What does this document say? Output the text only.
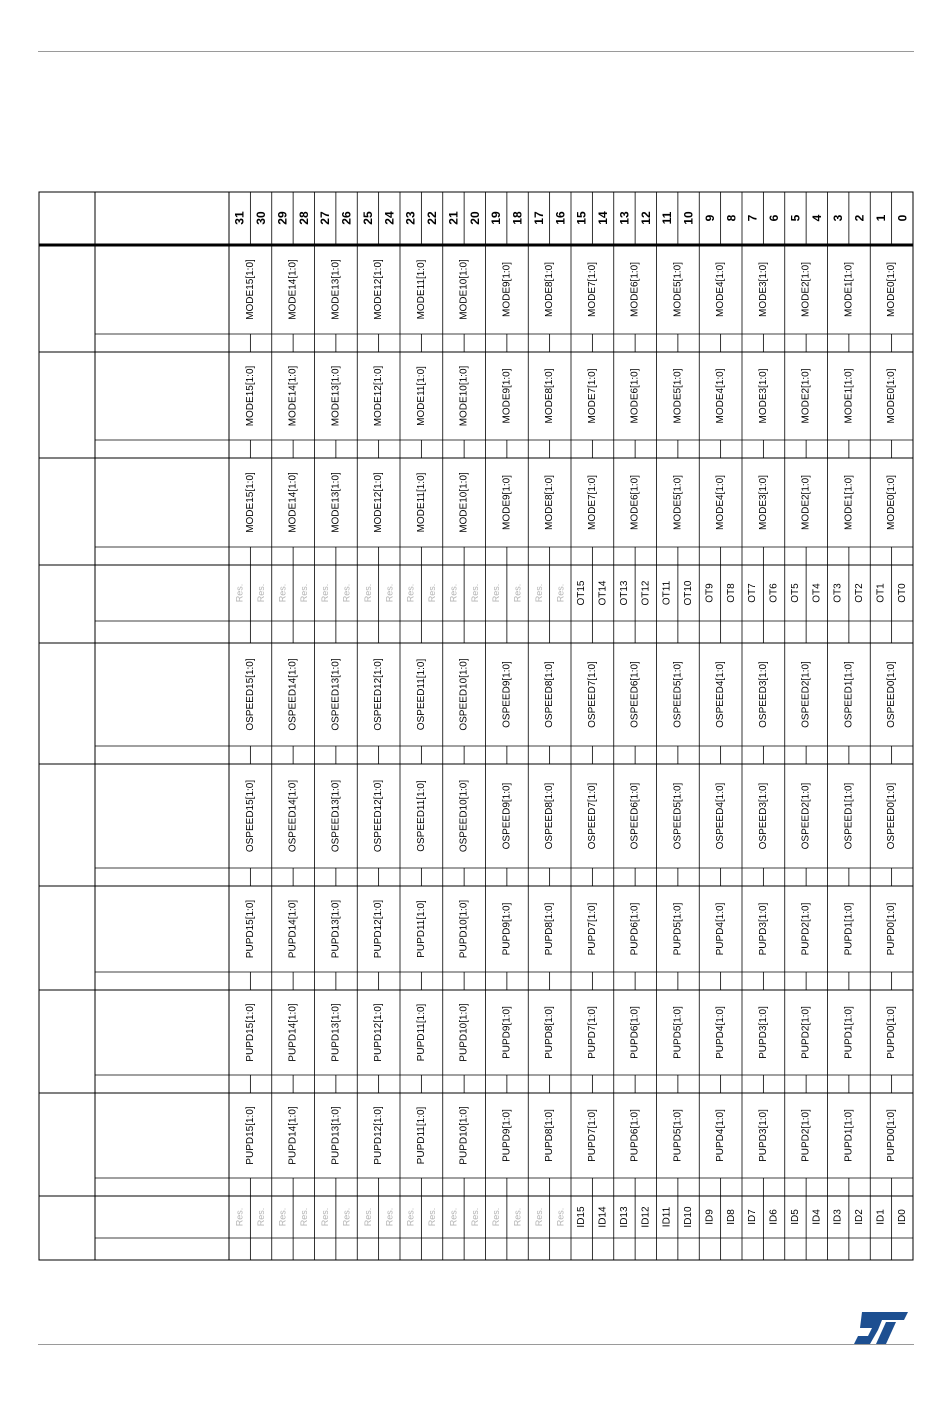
31 30 29 28 27 26 25 24 23 22 21 20 19 18 17 16 15 14 13 12 11 10 9 8 7 6 5 4 3 2 1 0
MODE15[1:0]	MODE14[1:0]	MODE13[1:0]	MODE12[1:0]	MODE11[1:0]	MODE10[1:0]	MODE9[1:0]	MODE8[1:0]	MODE7[1:0]	MODE6[1:0]	MODE5[1:0]	MODE4[1:0]	MODE3[1:0]	MODE2[1:0]	MODE1[1:0]	MODE0[1:0]
MODE15[1:0]	MODE14[1:0]	MODE13[1:0]	MODE12[1:0]	MODE11[1:0]	MODE10[1:0]	MODE9[1:0]	MODE8[1:0]	MODE7[1:0]	MODE6[1:0]	MODE5[1:0]	MODE4[1:0]	MODE3[1:0]	MODE2[1:0]	MODE1[1:0]	MODE0[1:0]
MODE15[1:0]	MODE14[1:0]	MODE13[1:0]	MODE12[1:0]	MODE11[1:0]	MODE10[1:0]	MODE9[1:0]	MODE8[1:0]	MODE7[1:0]	MODE6[1:0]	MODE5[1:0]	MODE4[1:0]	MODE3[1:0]	MODE2[1:0]	MODE1[1:0]	MODE0[1:0]
Res. Res. Res. Res. Res. Res. Res. Res. Res. Res. Res. Res. Res. Res. Res. Res. OT15 OT14 OT13 OT12 OT11 OT10 OT9 OT8 OT7 OT6 OT5 OT4 OT3 OT2 OT1 OT0
OSPEED15[1:0]	OSPEED14[1:0]	OSPEED13[1:0]	OSPEED12[1:0]	OSPEED11[1:0]	OSPEED10[1:0]	OSPEED9[1:0]	OSPEED8[1:0]	OSPEED7[1:0]	OSPEED6[1:0]	OSPEED5[1:0]	OSPEED4[1:0]	OSPEED3[1:0]	OSPEED2[1:0]	OSPEED1[1:0]	OSPEED0[1:0]
OSPEED15[1:0]	OSPEED14[1:0]	OSPEED13[1:0]	OSPEED12[1:0]	OSPEED11[1:0]	OSPEED10[1:0]	OSPEED9[1:0]	OSPEED8[1:0]	OSPEED7[1:0]	OSPEED6[1:0]	OSPEED5[1:0]	OSPEED4[1:0]	OSPEED3[1:0]	OSPEED2[1:0]	OSPEED1[1:0]	OSPEED0[1:0]
PUPD15[1:0]	PUPD14[1:0]	PUPD13[1:0]	PUPD12[1:0]	PUPD11[1:0]	PUPD10[1:0]	PUPD9[1:0]	PUPD8[1:0]	PUPD7[1:0]	PUPD6[1:0]	PUPD5[1:0]	PUPD4[1:0]	PUPD3[1:0]	PUPD2[1:0]	PUPD1[1:0]	PUPD0[1:0]
PUPD15[1:0]	PUPD14[1:0]	PUPD13[1:0]	PUPD12[1:0]	PUPD11[1:0]	PUPD10[1:0]	PUPD9[1:0]	PUPD8[1:0]	PUPD7[1:0]	PUPD6[1:0]	PUPD5[1:0]	PUPD4[1:0]	PUPD3[1:0]	PUPD2[1:0]	PUPD1[1:0]	PUPD0[1:0]
PUPD15[1:0]	PUPD14[1:0]	PUPD13[1:0]	PUPD12[1:0]	PUPD11[1:0]	PUPD10[1:0]	PUPD9[1:0]	PUPD8[1:0]	PUPD7[1:0]	PUPD6[1:0]	PUPD5[1:0]	PUPD4[1:0]	PUPD3[1:0]	PUPD2[1:0]	PUPD1[1:0]	PUPD0[1:0]
Res. Res. Res. Res. Res. Res. Res. Res. Res. Res. Res. Res. Res. Res. Res. Res. ID15 ID14 ID13 ID12 ID11 ID10 ID9 ID8 ID7 ID6 ID5 ID4 ID3 ID2 ID1 ID0
